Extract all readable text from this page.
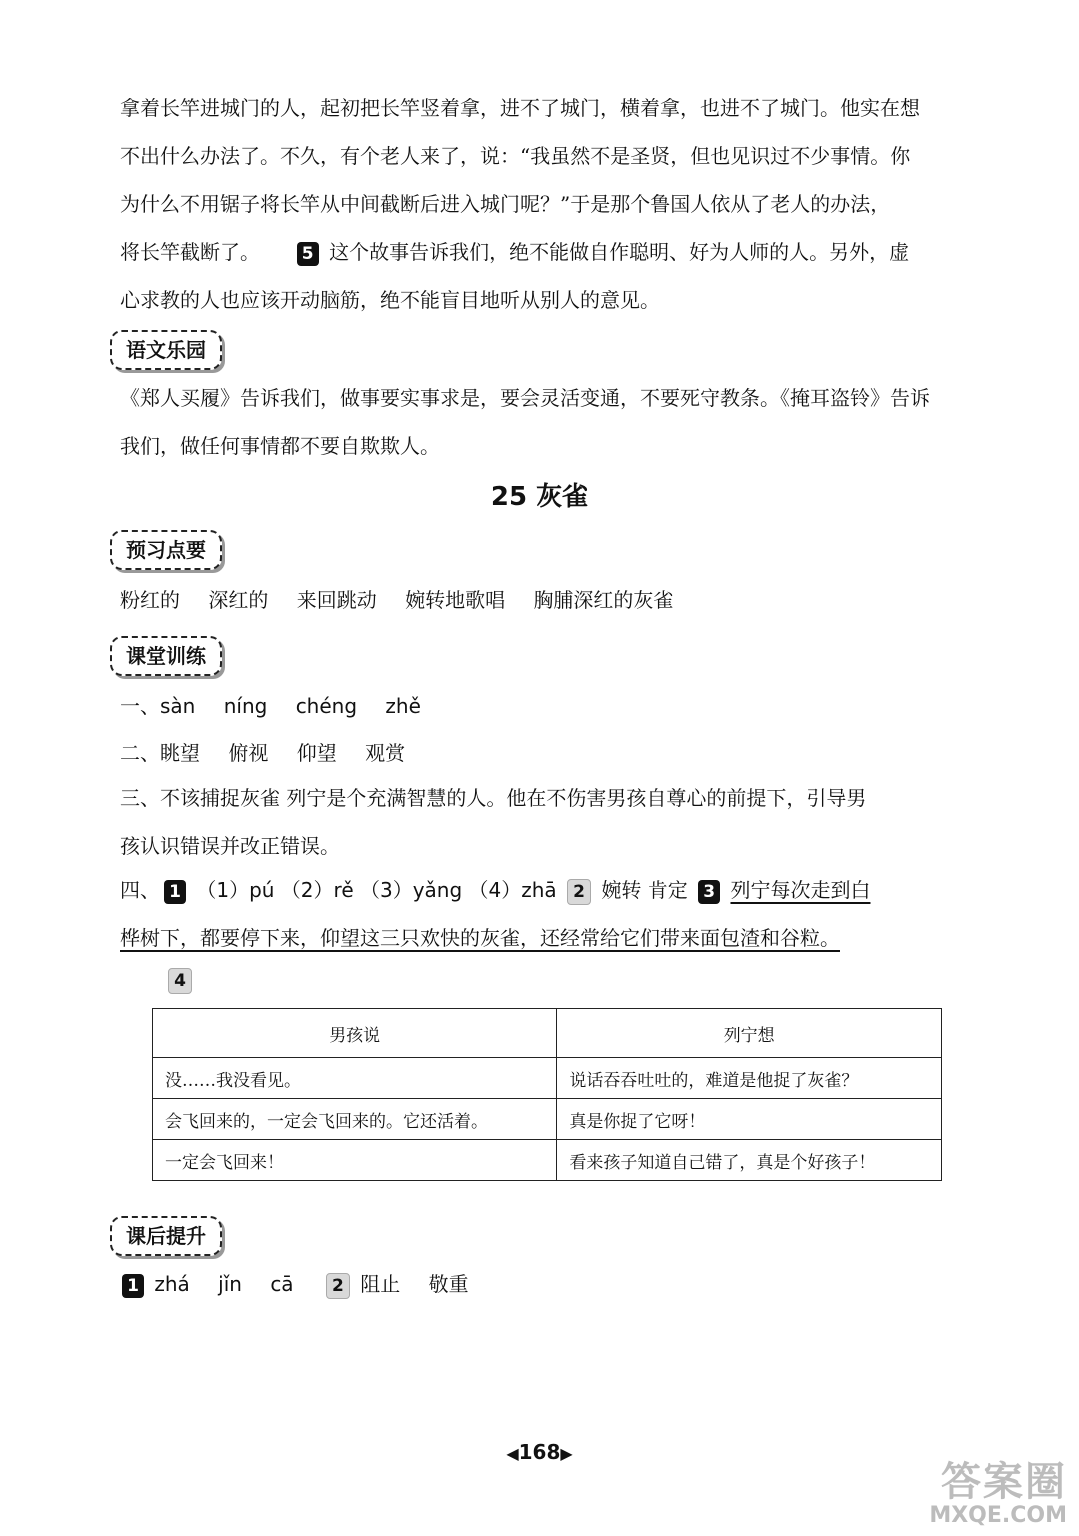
拿着长竿进城门的人，起初把长竿竖着拿，进不了城门，横着拿，也进不了城门。他实在想
不出什么办法了。不久，有个老人来了，说：“我虽然不是圣贤，但也见识过不少事情。你
为什么不用锯子将长竿从中间截断后进入城门呢？”于是那个鲁国人依从了老人的办法，
将长竿截断了。 5 这个故事告诉我们，绝不能做自作聪明、好为人师的人。另外，虚
心求教的人也应该开动脑筋，绝不能盲目地听从别人的意见。
语文乐园
《郑人买履》告诉我们，做事要实事求是，要会灵活变通，不要死守教条。《掩耳盗铃》告诉
我们，做任何事情都不要自欺欺人。
25 灰雀
预习点要
粉红的 深红的 来回跳动 婉转地歌唱 胸脯深红的灰雀
课堂训练
一、sàn níng chéng zhě
二、眺望 俯视 仰望 观赏
三、不该捕捉灰雀 列宁是个充满智慧的人。他在不伤害男孩自尊心的前提下，引导男
孩认识错误并改正错误。
四、 1 （1）pú （2）rě （3）yǎng （4）zhā 2 婉转 肯定 3 列宁每次走到白
桦树下，都要停下来，仰望这三只欢快的灰雀，还经常给它们带来面包渣和谷粒。
4
男孩说	列宁想
没……我没看见。	说话吞吞吐吐的，难道是他捉了灰雀？
会飞回来的，一定会飞回来的。它还活着。	真是你捉了它呀！
一定会飞回来！	看来孩子知道自己错了，真是个好孩子！
课后提升
1 zhá jǐn cā 2 阻止 敬重
◀168▶
答案圈
MXQE.COM
